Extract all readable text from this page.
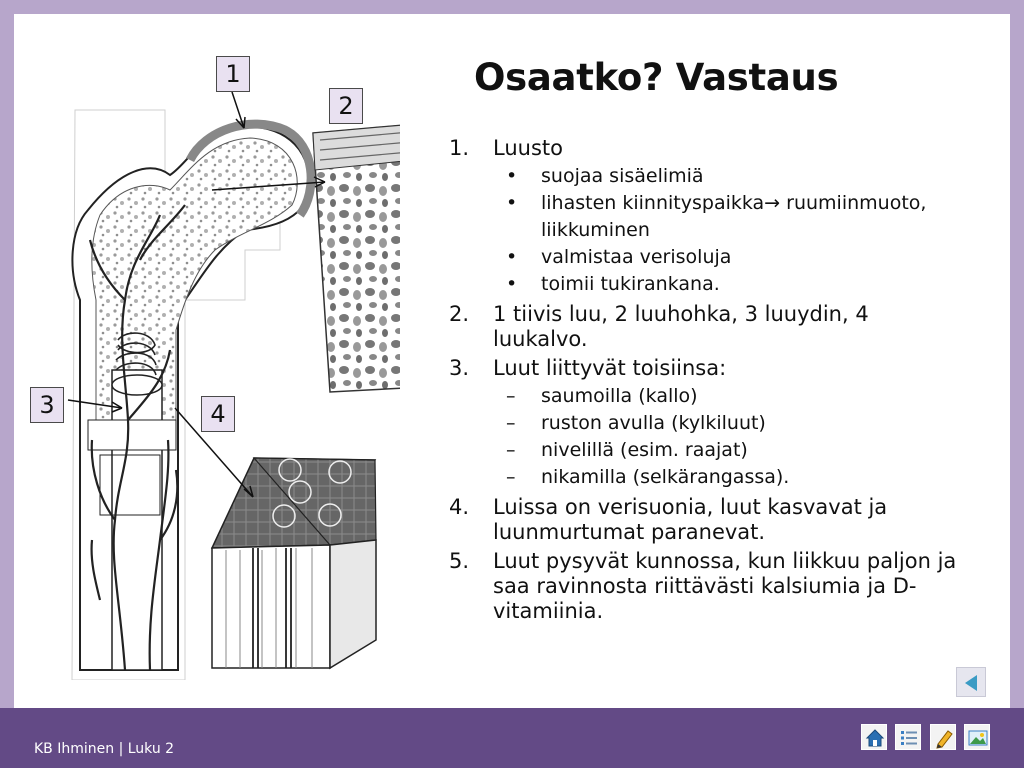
Osaatko? Vastaus
1
2
3	4
1. Luusto
• suojaa sisäelimiä
• lihasten kiinnityspaikka→ ruumiinmuoto, liikkuminen
• valmistaa verisoluja
• toimii tukirankana.
2. 1 tiivis luu, 2 luuhohka, 3 luuydin, 4 luukalvo.
3. Luut liittyvät toisiinsa:
– saumoilla (kallo)
– ruston avulla (kylkiluut)
– nivelillä (esim. raajat)
– nikamilla (selkärangassa).
4. Luissa on verisuonia, luut kasvavat ja luunmurtumat paranevat.
5. Luut pysyvät kunnossa, kun liikkuu paljon ja saa ravinnosta riittävästi kalsiumia ja D-vitamiinia.
KB Ihminen | Luku 2
